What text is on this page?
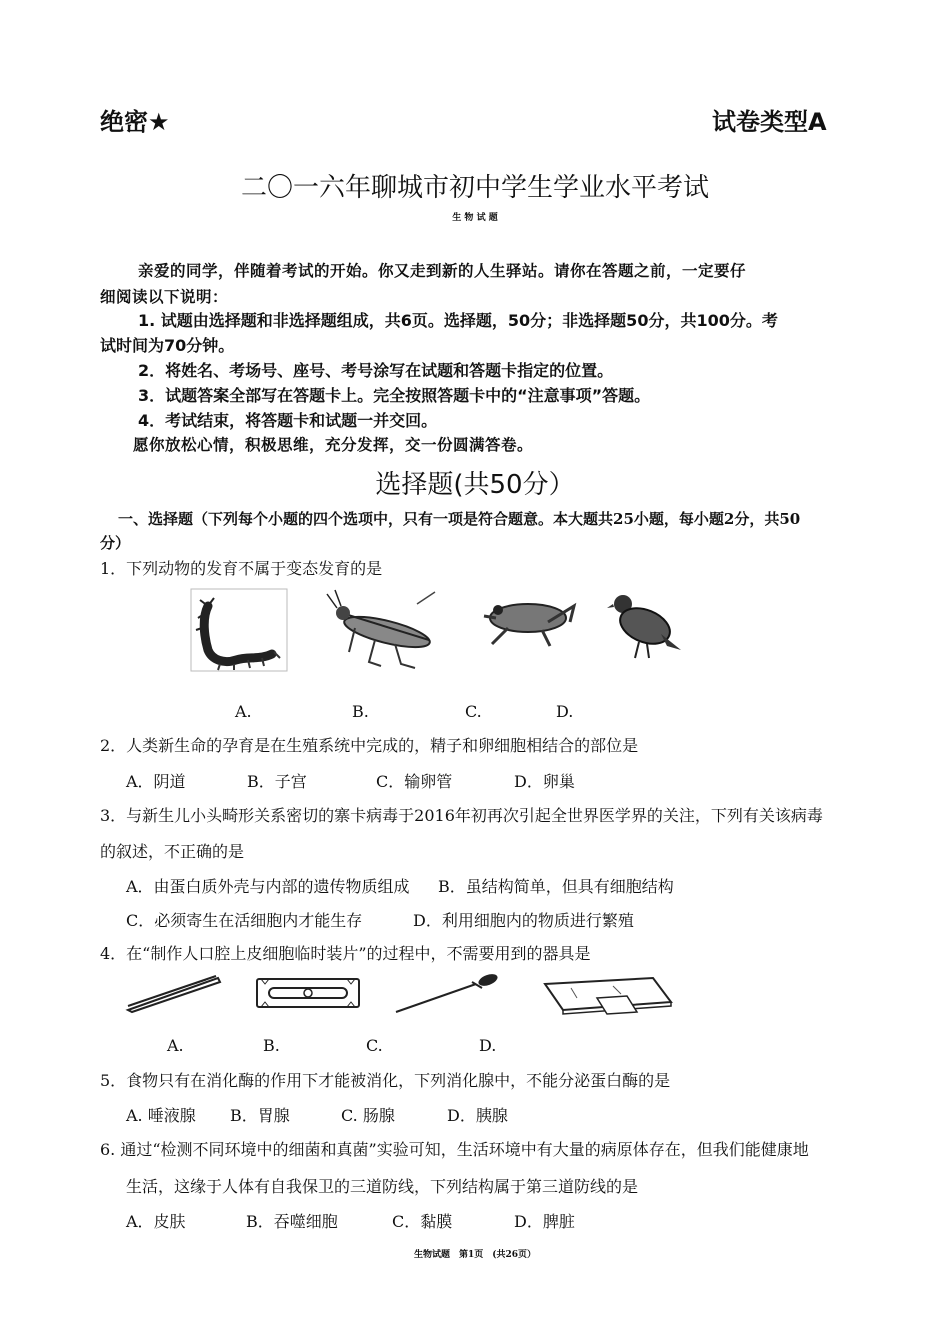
绝密★	试卷类型A
二〇一六年聊城市初中学生学业水平考试
生 物 试 题
亲爱的同学，伴随着考试的开始。你又走到新的人生驿站。请你在答题之前，一定要仔
细阅读以下说明：
1. 试题由选择题和非选择题组成，共6页。选择题，50分；非选择题50分，共100分。考
试时间为70分钟。
2．将姓名、考场号、座号、考号涂写在试题和答题卡指定的位置。
3．试题答案全部写在答题卡上。完全按照答题卡中的“注意事项”答题。
4．考试结束，将答题卡和试题一并交回。
愿你放松心情，积极思维，充分发挥，交一份圆满答卷。
选择题(共50分）
一、选择题（下列每个小题的四个选项中，只有一项是符合题意。本大题共25小题，每小题2分，共50
分）
1．下列动物的发育不属于变态发育的是
A.	B.	C.	D.
2．人类新生命的孕育是在生殖系统中完成的，精子和卵细胞相结合的部位是
A．阴道	B．子宫	C．输卵管	D．卵巢
3．与新生儿小头畸形关系密切的寨卡病毒于2016年初再次引起全世界医学界的关注，下列有关该病毒
的叙述，不正确的是
A．由蛋白质外壳与内部的遗传物质组成 B．虽结构简单，但具有细胞结构
C．必须寄生在活细胞内才能生存	D．利用细胞内的物质进行繁殖
4．在“制作人口腔上皮细胞临时装片”的过程中，不需要用到的器具是
A.	B.	C.	D.
5．食物只有在消化酶的作用下才能被消化，下列消化腺中，不能分泌蛋白酶的是
A. 唾液腺 B．胃腺	C. 肠腺	D．胰腺
6. 通过“检测不同环境中的细菌和真菌”实验可知，生活环境中有大量的病原体存在，但我们能健康地
生活，这缘于人体有自我保卫的三道防线，下列结构属于第三道防线的是
A．皮肤	B．吞噬细胞	C．黏膜	D．脾脏
生物试题　第1页　(共26页）
